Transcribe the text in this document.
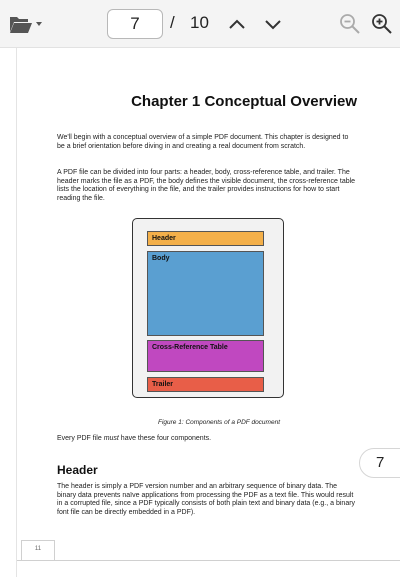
7	/ 10
Chapter 1 Conceptual Overview

We'll begin with a conceptual overview of a simple PDF document. This chapter is designed to be a brief orientation before diving in and creating a real document from scratch.

A PDF file can be divided into four parts: a header, body, cross-reference table, and trailer. The header marks the file as a PDF, the body defines the visible document, the cross-reference table lists the location of everything in the file, and the trailer provides instructions for how to start reading the file.

Header
Body
Cross-Reference Table
Trailer
Figure 1: Components of a PDF document

Every PDF file must have these four components.

Header

The header is simply a PDF version number and an arbitrary sequence of binary data. The binary data prevents naïve applications from processing the PDF as a text file. This would result in a corrupted file, since a PDF typically consists of both plain text and binary data (e.g., a binary font file can be directly embedded in a PDF).

11
7
